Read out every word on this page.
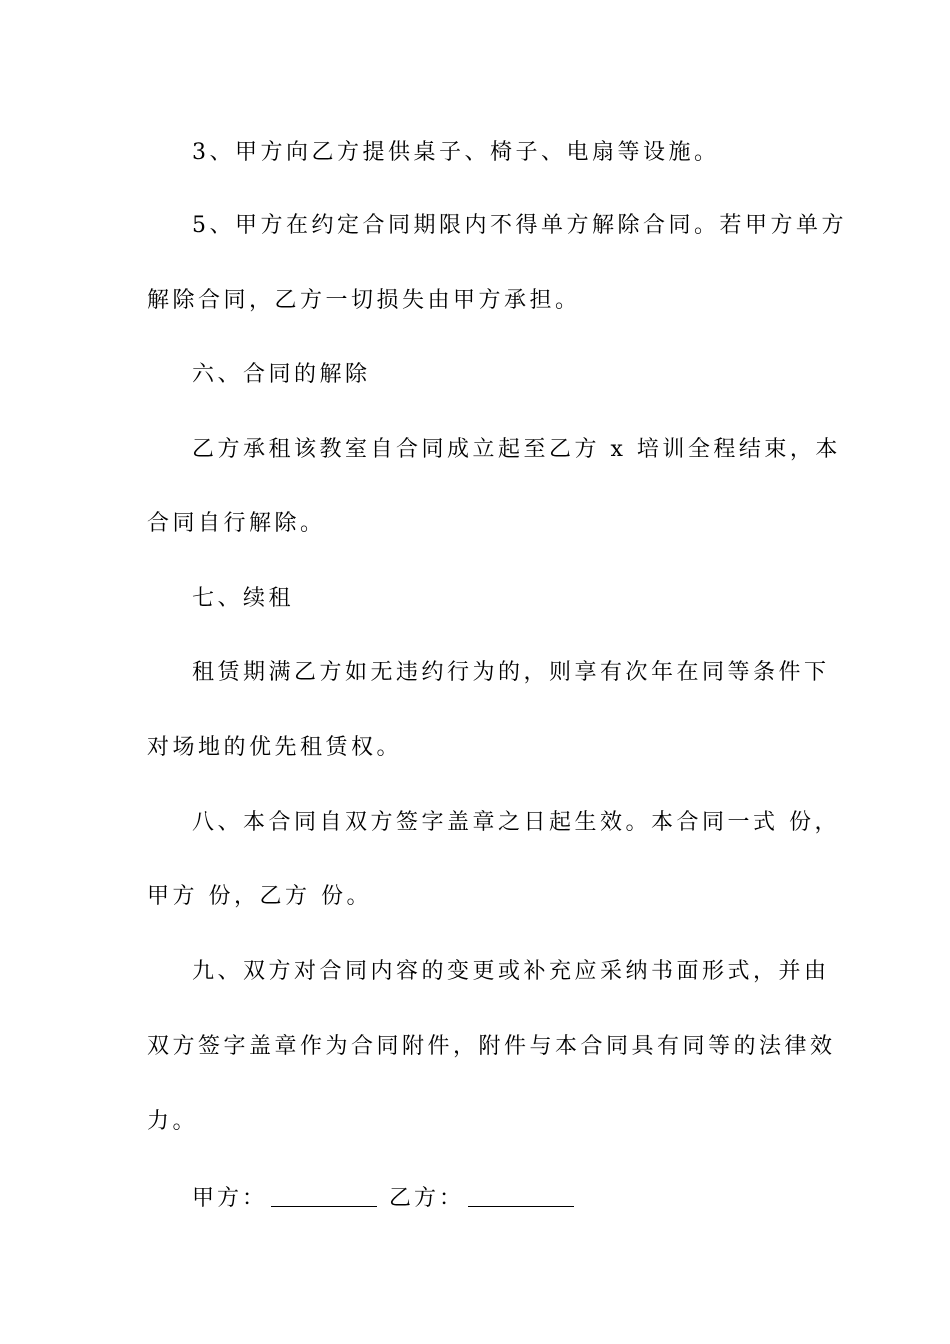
3、甲方向乙方提供桌子、椅子、电扇等设施。
5、甲方在约定合同期限内不得单方解除合同。若甲方单方
解除合同，乙方一切损失由甲方承担。
六、合同的解除
乙方承租该教室自合同成立起至乙方 x 培训全程结束，本
合同自行解除。
七、续租
租赁期满乙方如无违约行为的，则享有次年在同等条件下
对场地的优先租赁权。
八、本合同自双方签字盖章之日起生效。本合同一式 份，
甲方 份，乙方 份。
九、双方对合同内容的变更或补充应采纳书面形式，并由
双方签字盖章作为合同附件，附件与本合同具有同等的法律效
力。
甲方：	乙方：
